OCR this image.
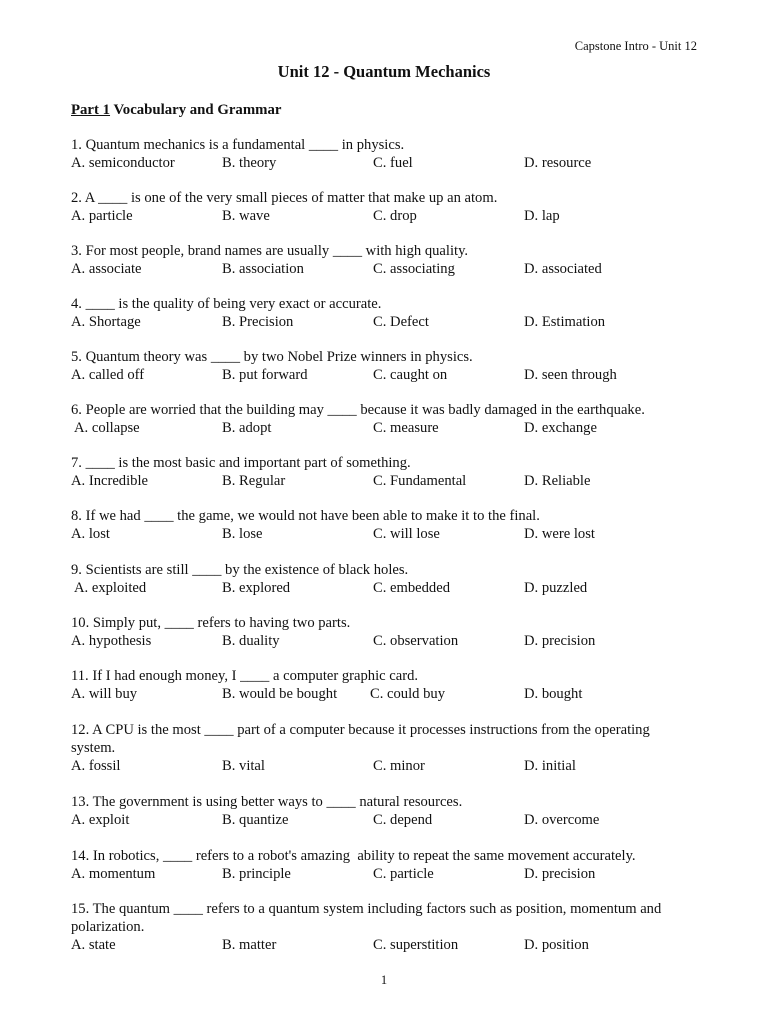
Capstone Intro - Unit 12
Unit 12 - Quantum Mechanics
Part 1 Vocabulary and Grammar
1. Quantum mechanics is a fundamental ____ in physics.
A. semiconductor	B. theory	C. fuel	D. resource
2. A ____ is one of the very small pieces of matter that make up an atom.
A. particle	B. wave	C. drop	D. lap
3. For most people, brand names are usually ____ with high quality.
A. associate	B. association	C. associating	D. associated
4. ____ is the quality of being very exact or accurate.
A. Shortage	B. Precision	C. Defect	D. Estimation
5. Quantum theory was ____ by two Nobel Prize winners in physics.
A. called off	B. put forward	C. caught on	D. seen through
6. People are worried that the building may ____ because it was badly damaged in the earthquake.
A. collapse	B. adopt	C. measure	D. exchange
7. ____ is the most basic and important part of something.
A. Incredible	B. Regular	C. Fundamental	D. Reliable
8. If we had ____ the game, we would not have been able to make it to the final.
A. lost	B. lose	C. will lose	D. were lost
9. Scientists are still ____ by the existence of black holes.
A. exploited	B. explored	C. embedded	D. puzzled
10. Simply put, ____ refers to having two parts.
A. hypothesis	B. duality	C. observation	D. precision
11. If I had enough money, I ____ a computer graphic card.
A. will buy	B. would be bought C. could buy	D. bought
12. A CPU is the most ____ part of a computer because it processes instructions from the operating system.
A. fossil	B. vital	C. minor	D. initial
13. The government is using better ways to ____ natural resources.
A. exploit	B. quantize	C. depend	D. overcome
14. In robotics, ____ refers to a robot's amazing  ability to repeat the same movement accurately.
A. momentum	B. principle	C. particle	D. precision
15. The quantum ____ refers to a quantum system including factors such as position, momentum and polarization.
A. state	B. matter	C. superstition	D. position
1
